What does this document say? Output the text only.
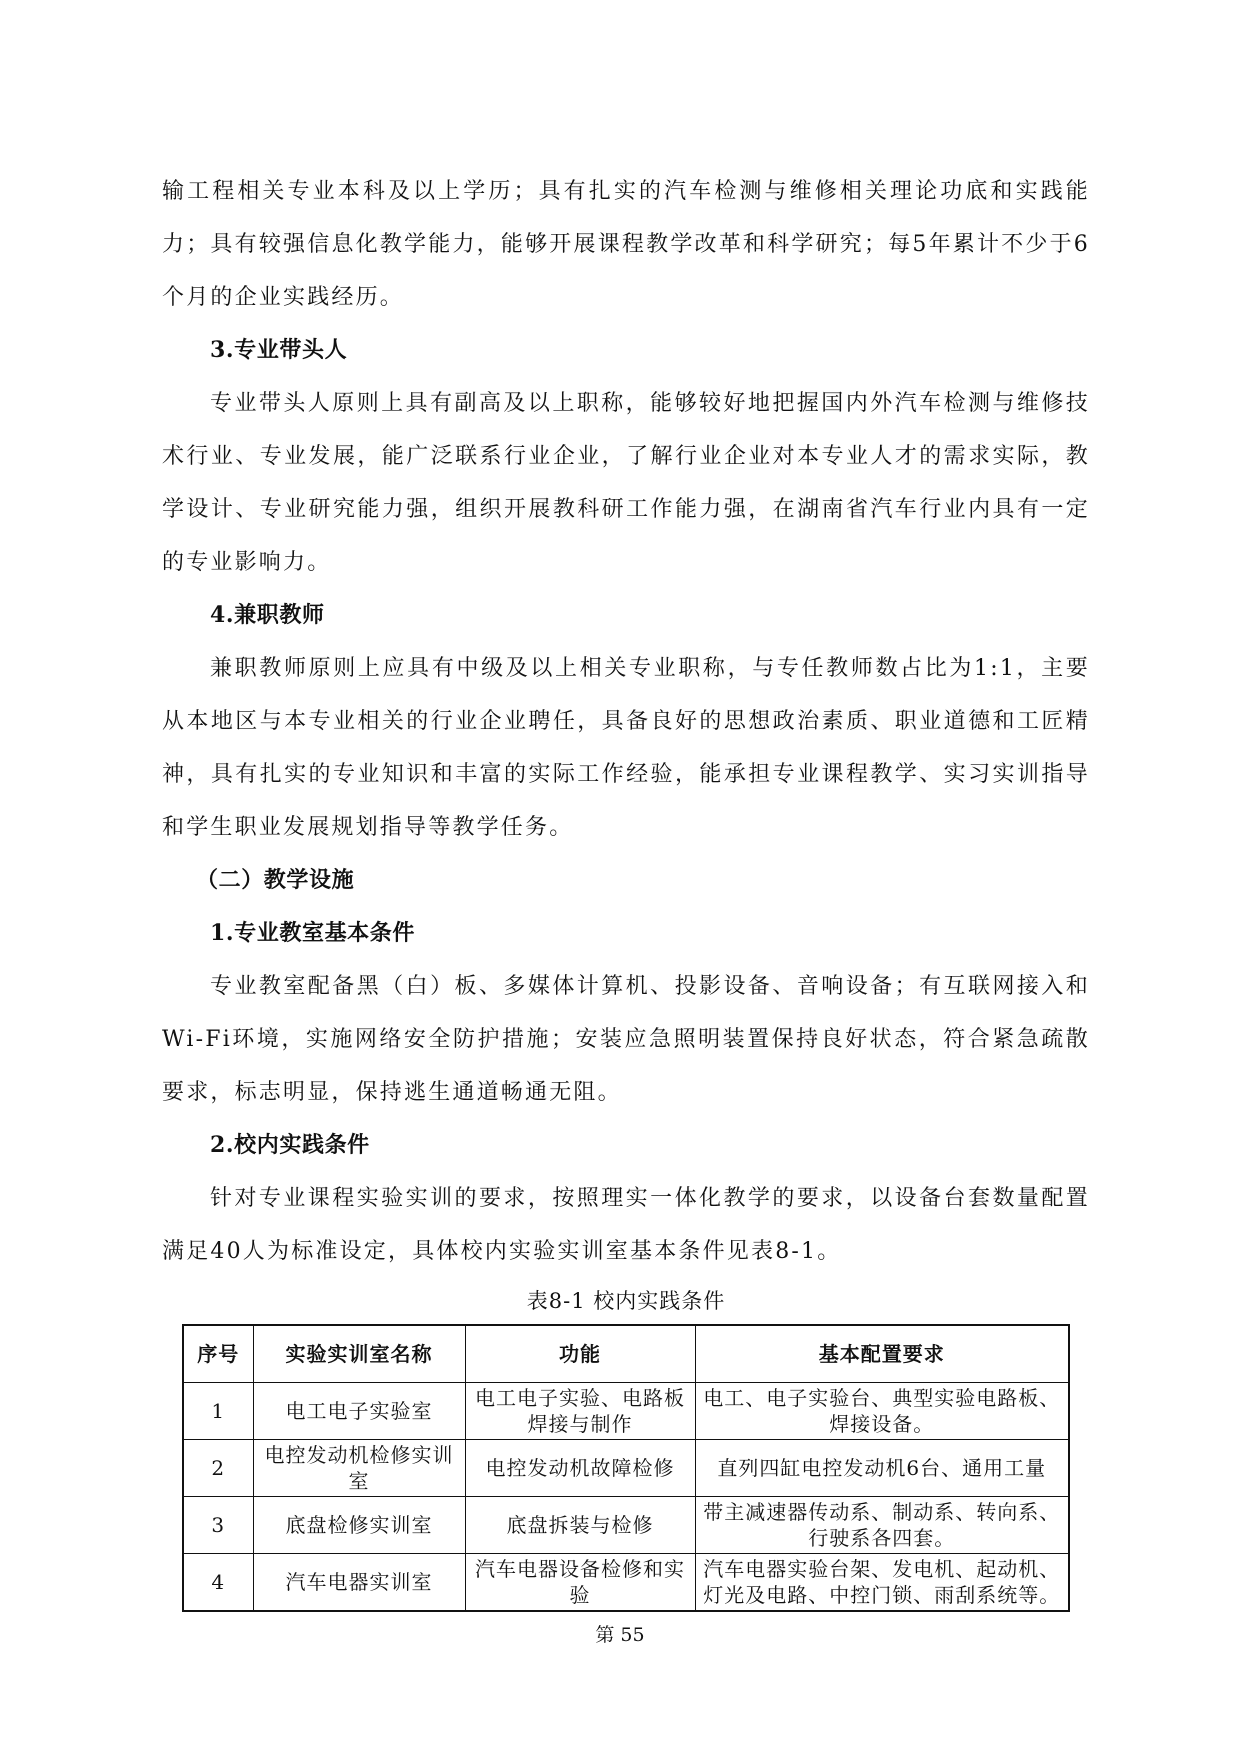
输工程相关专业本科及以上学历；具有扎实的汽车检测与维修相关理论功底和实践能力；具有较强信息化教学能力，能够开展课程教学改革和科学研究；每5年累计不少于6个月的企业实践经历。

3.专业带头人

专业带头人原则上具有副高及以上职称，能够较好地把握国内外汽车检测与维修技术行业、专业发展，能广泛联系行业企业，了解行业企业对本专业人才的需求实际，教学设计、专业研究能力强，组织开展教科研工作能力强，在湖南省汽车行业内具有一定的专业影响力。

4.兼职教师

兼职教师原则上应具有中级及以上相关专业职称，与专任教师数占比为1:1，主要从本地区与本专业相关的行业企业聘任，具备良好的思想政治素质、职业道德和工匠精神，具有扎实的专业知识和丰富的实际工作经验，能承担专业课程教学、实习实训指导和学生职业发展规划指导等教学任务。

（二）教学设施

1.专业教室基本条件

专业教室配备黑（白）板、多媒体计算机、投影设备、音响设备；有互联网接入和Wi-Fi环境，实施网络安全防护措施；安装应急照明装置保持良好状态，符合紧急疏散要求，标志明显，保持逃生通道畅通无阻。

2.校内实践条件

针对专业课程实验实训的要求，按照理实一体化教学的要求，以设备台套数量配置满足40人为标准设定，具体校内实验实训室基本条件见表8-1。

表8-1 校内实践条件
序号	实验实训室名称	功能	基本配置要求
1	电工电子实验室	电工电子实验、电路板焊接与制作	电工、电子实验台、典型实验电路板、焊接设备。
2	电控发动机检修实训室	电控发动机故障检修	直列四缸电控发动机6台、通用工量
3	底盘检修实训室	底盘拆装与检修	带主减速器传动系、制动系、转向系、行驶系各四套。
4	汽车电器实训室	汽车电器设备检修和实验	汽车电器实验台架、发电机、起动机、灯光及电路、中控门锁、雨刮系统等。
第 55
